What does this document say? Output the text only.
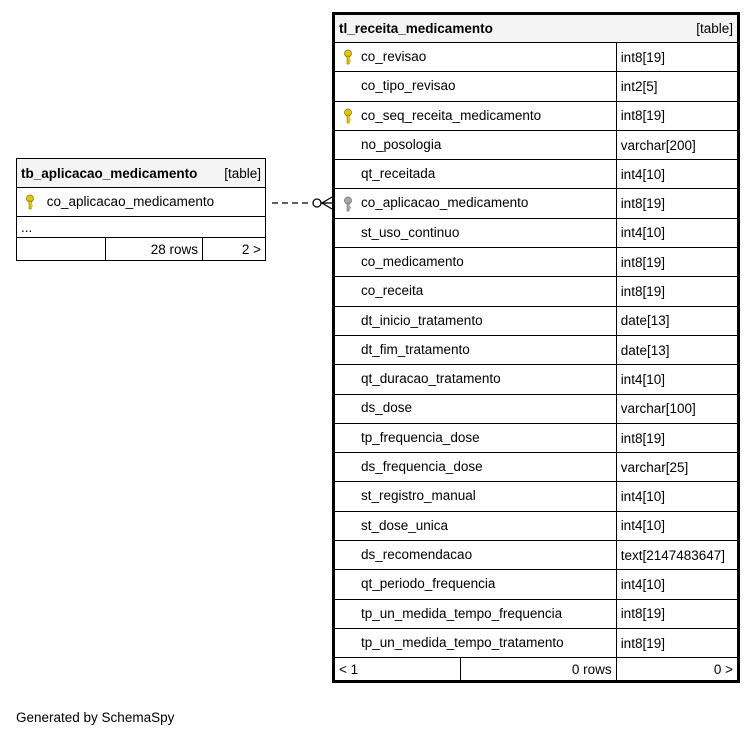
tb_aplicacao_medicamento [table]

co_aplicacao_medicamento
...
	28 rows	2 >
tl_receita_medicamento [table]		

co_revisao		int8[19]
co_tipo_revisao		int2[5]
co_seq_receita_medicamento		int8[19]
no_posologia		varchar[200]
qt_receitada		int4[10]
co_aplicacao_medicamento		int8[19]
st_uso_continuo		int4[10]
co_medicamento		int8[19]
co_receita		int8[19]
dt_inicio_tratamento		date[13]
dt_fim_tratamento		date[13]
qt_duracao_tratamento		int4[10]
ds_dose		varchar[100]
tp_frequencia_dose		int8[19]
ds_frequencia_dose		varchar[25]
st_registro_manual		int4[10]
st_dose_unica		int4[10]
ds_recomendacao		text[2147483647]
qt_periodo_frequencia		int4[10]
tp_un_medida_tempo_frequencia		int8[19]
tp_un_medida_tempo_tratamento		int8[19]
< 1	0 rows	0 >
Generated by SchemaSpy
